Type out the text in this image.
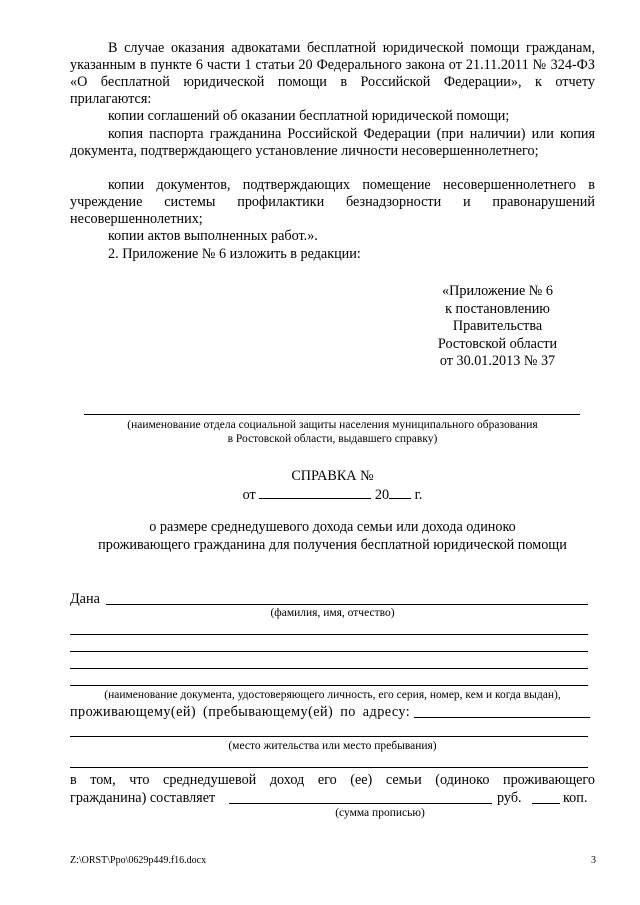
В случае оказания адвокатами бесплатной юридической помощи гражданам, указанным в пункте 6 части 1 статьи 20 Федерального закона от 21.11.2011 № 324-ФЗ «О бесплатной юридической помощи в Российской Федерации», к отчету прилагаются:

копии соглашений об оказании бесплатной юридической помощи;

копия паспорта гражданина Российской Федерации (при наличии) или копия документа, подтверждающего установление личности несовершеннолетнего;

копии документов, подтверждающих помещение несовершеннолетнего в учреждение системы профилактики безнадзорности и правонарушений несовершеннолетних;

копии актов выполненных работ.».

2. Приложение № 6 изложить в редакции:

«Приложение № 6
к постановлению
Правительства
Ростовской области
от 30.01.2013 № 37
(наименование отдела социальной защиты населения муниципального образования
в Ростовской области, выдавшего справку)
СПРАВКА №
от	20 г.
о размере среднедушевого дохода семьи или дохода одиноко
проживающего гражданина для получения бесплатной юридической помощи
Дана
(фамилия, имя, отчество)
(наименование документа, удостоверяющего личность, его серия, номер, кем и когда выдан),
проживающему(ей) (пребывающему(ей) по адресу:
(место жительства или место пребывания)
в том, что среднедушевой доход его (ее) семьи (одиноко проживающего
гражданина) составляет	руб.	коп.
(сумма прописью)
Z:\ORST\Ppo\0629p449.f16.docx	3
